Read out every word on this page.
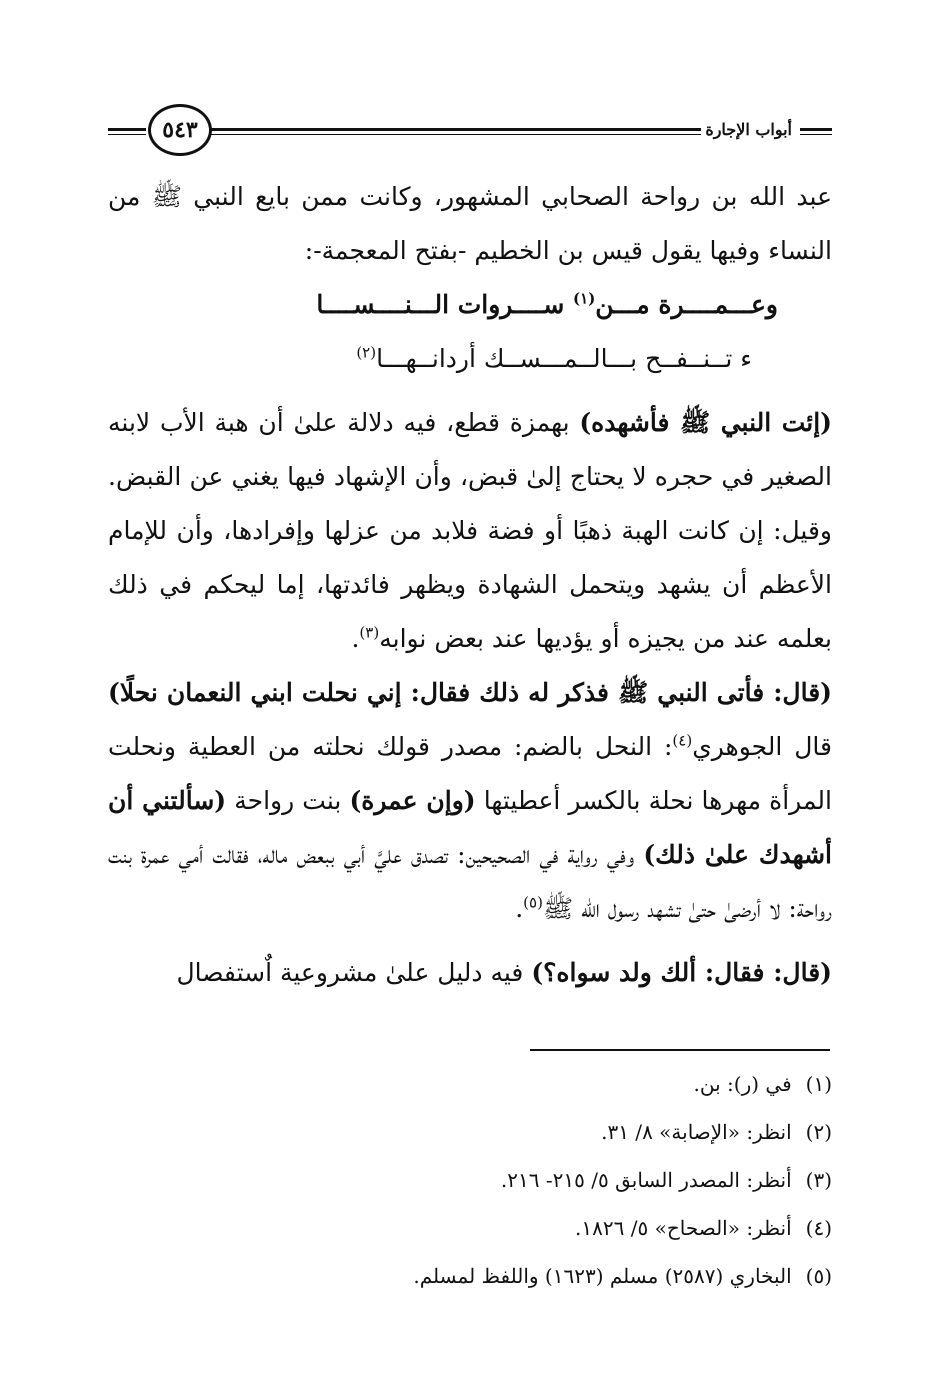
٥٤٣	أبواب الإجارة

عبد الله بن رواحة الصحابي المشهور، وكانت ممن بايع النبي ﷺ من النساء وفيها يقول قيس بن الخطيم -بفتح المعجمة-:

وعـــمــــرة مـــن$^{(١)}$ ســــروات الـــنــــســــا

ء تــنــفــح بـــالــمـــســك أردانــهـــا$^{(٢)}$

(إئت النبي ﷺ فأشهده) بهمزة قطع، فيه دلالة علىٰ أن هبة الأب لابنه الصغير في حجره لا يحتاج إلىٰ قبض، وأن الإشهاد فيها يغني عن القبض. وقيل: إن كانت الهبة ذهبًا أو فضة فلابد من عزلها وإفرادها، وأن للإمام الأعظم أن يشهد ويتحمل الشهادة ويظهر فائدتها، إما ليحكم في ذلك بعلمه عند من يجيزه أو يؤديها عند بعض نوابه$^{(٣)}$.

(قال: فأتى النبي ﷺ فذكر له ذلك فقال: إني نحلت ابني النعمان نحلًا) قال الجوهري$^{(٤)}$: النحل بالضم: مصدر قولك نحلته من العطية ونحلت المرأة مهرها نحلة بالكسر أعطيتها (وإن عمرة) بنت رواحة (سألتني أن أشهدك علىٰ ذلك) وفي رواية في الصحيحين: تصدق عليَّ أبي ببعض ماله، فقالت أمي عمرة بنت رواحة: لا أرضىٰ حتىٰ تشهد رسول الله ﷺ$^{(٥)}$.

(قال: فقال: ألك ولد سواه؟) فيه دليل علىٰ مشروعية اٌستفصال

(١) في (ر): بن.
(٢) انظر: «الإصابة» ٨/ ٣١.
(٣) أنظر: المصدر السابق ٥/ ٢١٥- ٢١٦.
(٤) أنظر: «الصحاح» ٥/ ١٨٢٦.
(٥) البخاري (٢٥٨٧) مسلم (١٦٢٣) واللفظ لمسلم.
